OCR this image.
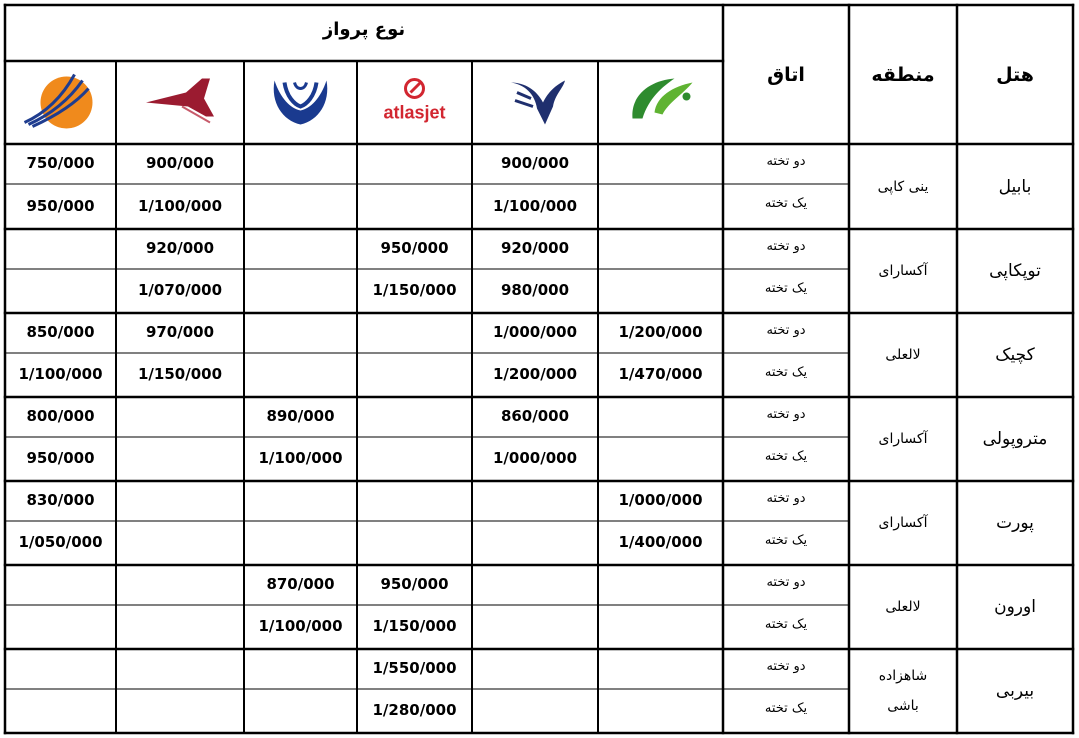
atlasjet
هتل
منطقه
اتاق
نوع پرواز
بابیل
ینی کاپی
دو تخته
900/000
900/000
750/000
یک تخته
1/100/000
1/100/000
950/000
توپکاپی
آکسارای
دو تخته
920/000
950/000
920/000
یک تخته
980/000
1/150/000
1/070/000
کچیک
لالعلی
دو تخته
1/200/000
1/000/000
970/000
850/000
یک تخته
1/470/000
1/200/000
1/150/000
1/100/000
متروپولی
آکسارای
دو تخته
860/000
890/000
800/000
یک تخته
1/000/000
1/100/000
950/000
پورت
آکسارای
دو تخته
1/000/000
830/000
یک تخته
1/400/000
1/050/000
اورون
لالعلی
دو تخته
950/000
870/000
یک تخته
1/150/000
1/100/000
بیربی
شاهزاده
باشی
دو تخته
1/550/000
یک تخته
1/280/000
